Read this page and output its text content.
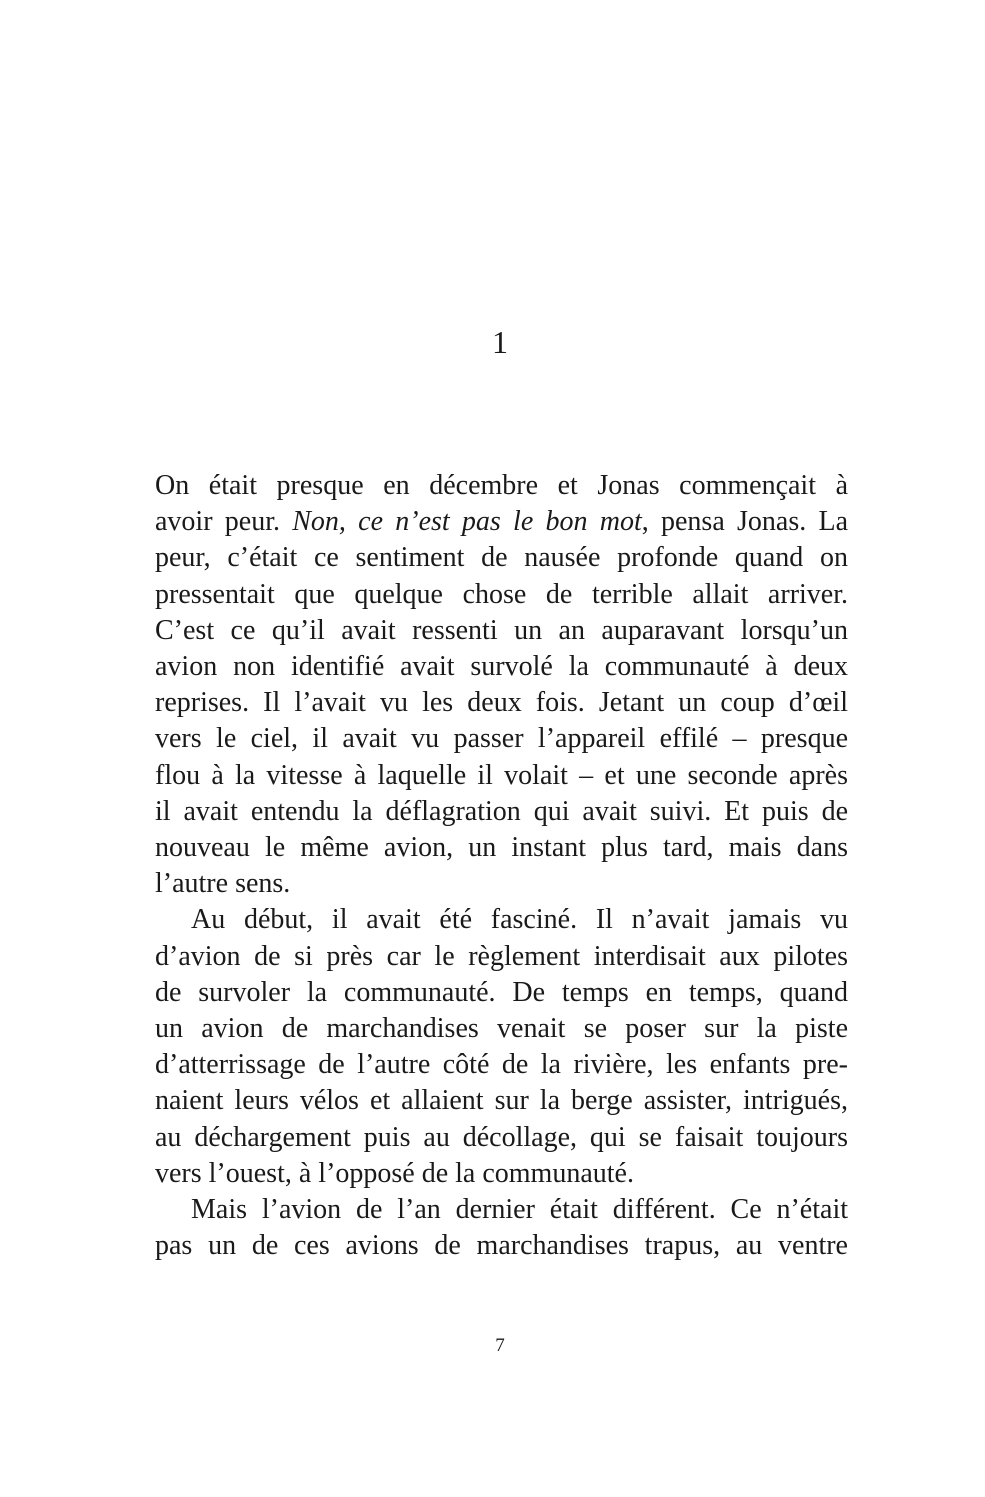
1
On était presque en décembre et Jonas commençait à
avoir peur. Non, ce n’est pas le bon mot, pensa Jonas. La
peur, c’était ce sentiment de nausée profonde quand on
pressentait que quelque chose de terrible allait arriver.
C’est ce qu’il avait ressenti un an auparavant lorsqu’un
avion non identifié avait survolé la communauté à deux
reprises. Il l’avait vu les deux fois. Jetant un coup d’œil
vers le ciel, il avait vu passer l’appareil effilé – presque
flou à la vitesse à laquelle il volait – et une seconde après
il avait entendu la déflagration qui avait suivi. Et puis de
nouveau le même avion, un instant plus tard, mais dans
l’autre sens.
Au début, il avait été fasciné. Il n’avait jamais vu
d’avion de si près car le règlement interdisait aux pilotes
de survoler la communauté. De temps en temps, quand
un avion de marchandises venait se poser sur la piste
d’atterrissage de l’autre côté de la rivière, les enfants pre-
naient leurs vélos et allaient sur la berge assister, intrigués,
au déchargement puis au décollage, qui se faisait toujours
vers l’ouest, à l’opposé de la communauté.
Mais l’avion de l’an dernier était différent. Ce n’était
pas un de ces avions de marchandises trapus, au ventre
7
